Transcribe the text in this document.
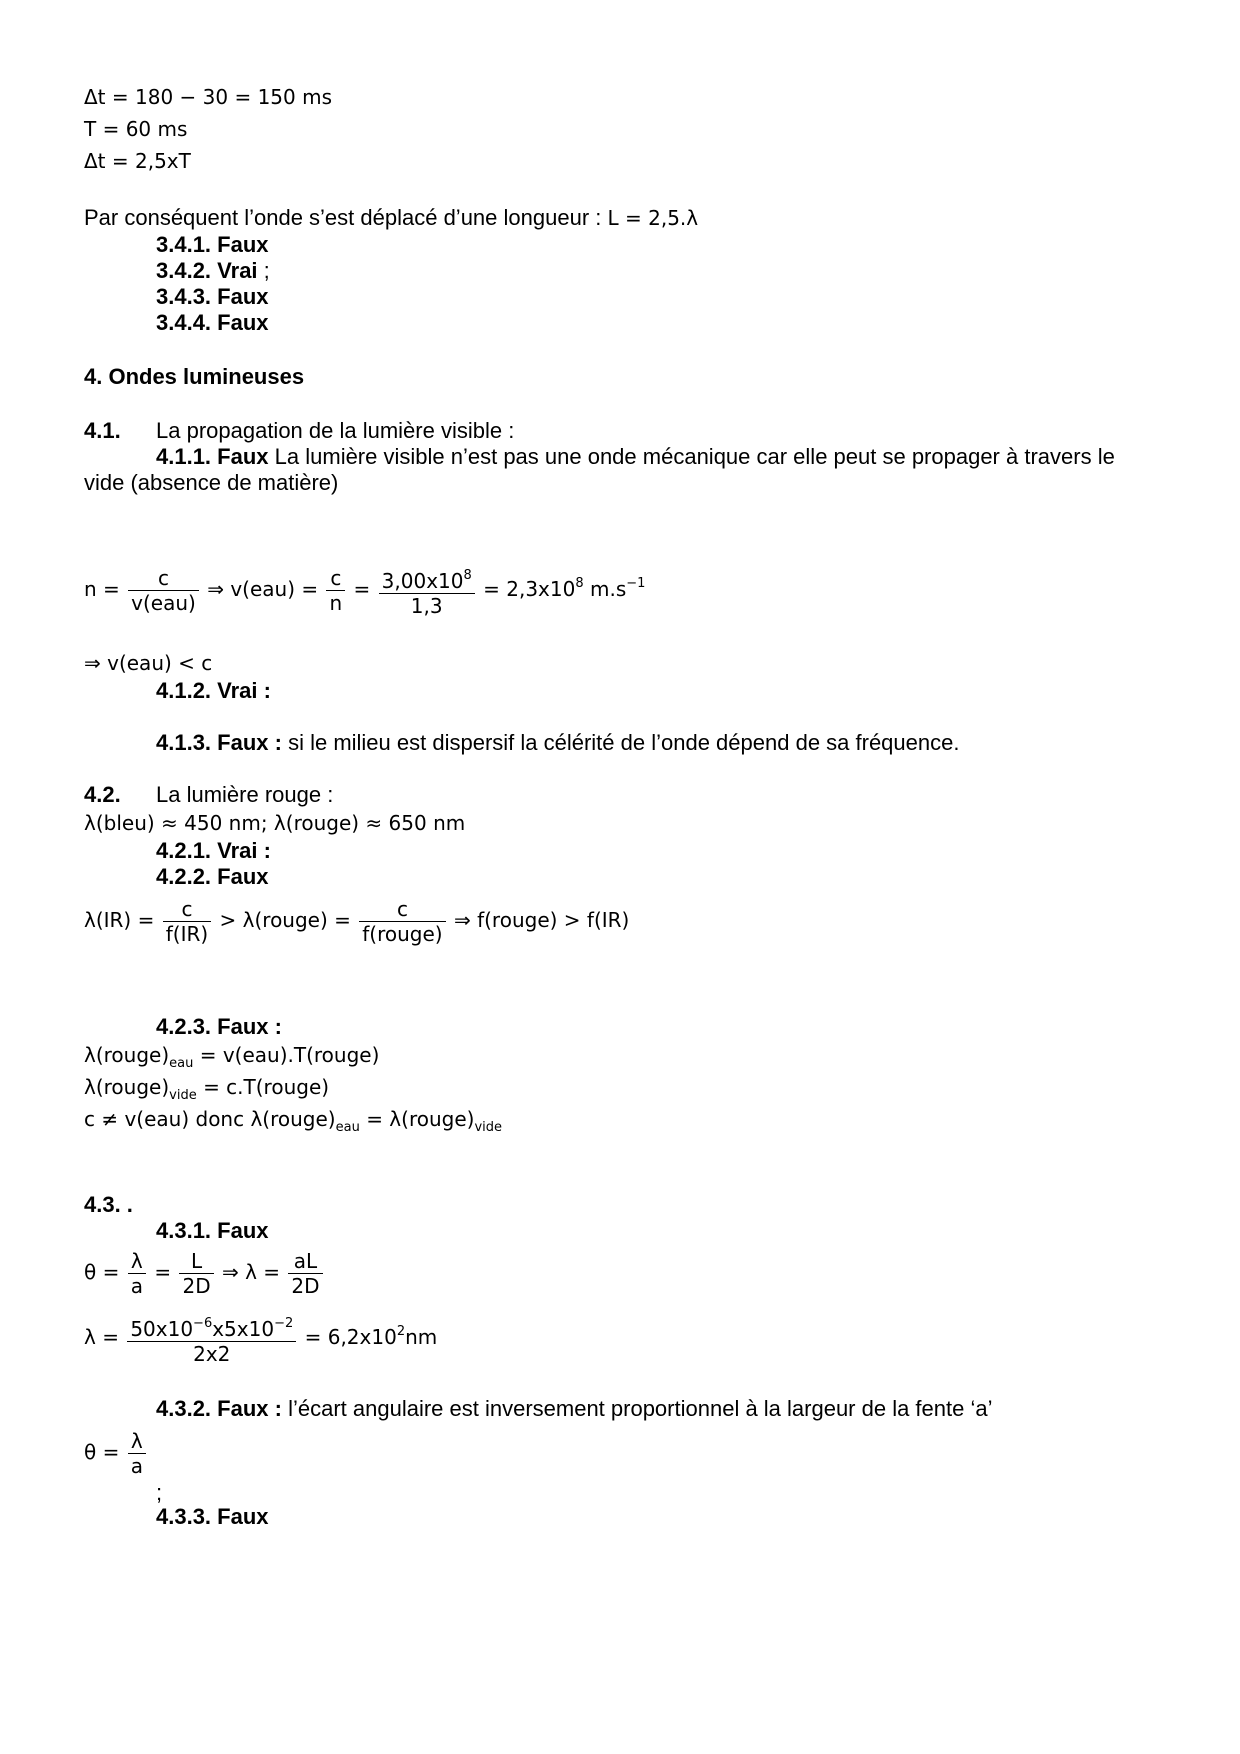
Δt = 180 − 30 = 150 ms
T = 60 ms
Δt = 2,5xT
Par conséquent l’onde s’est déplacé d’une longueur : L = 2,5.λ
3.4.1. Faux
3.4.2. Vrai ;
3.4.3. Faux
3.4.4. Faux
4. Ondes lumineuses
4.1. La propagation de la lumière visible :
4.1.1. Faux La lumière visible n’est pas une onde mécanique car elle peut se propager à travers le
vide (absence de matière)
$n = \frac{c}{\text{v(eau)}}$ ⇒ $v(eau) = \frac{c}{n} = \frac{3,00x10^8}{1,3} = 2,3x10^8$ $m.s^{-1}$
⇒ v(eau) < c
4.1.2. Vrai :
4.1.3. Faux : si le milieu est dispersif la célérité de l’onde dépend de sa fréquence.
4.2. La lumière rouge :
λ(bleu) ≈ 450 nm; λ(rouge) ≈ 650 nm
4.2.1. Vrai :
4.2.2. Faux
$\lambda(IR) = \frac{c}{f(IR)}$ > λ(rouge) = $\frac{c}{\text{f(rouge)}}$ ⇒ f(rouge) > f(IR)
4.2.3. Faux :
$\lambda(rouge)_{eau}$ = v(eau).T(rouge)
$\lambda(rouge)_{vide}$ = c.T(rouge)
c ≠ v(eau) donc $\lambda(rouge)_{eau}$ = $\lambda(rouge)_{vide}$
4.3. .
4.3.1. Faux
$\theta = \frac{\lambda}{a} = \frac{L}{2D}$ ⇒ $\lambda = \frac{aL}{2D}$
$\lambda = \frac{50x10^{-6}x5x10^{-2}}{2x2} = 6,2x10^2nm$
4.3.2. Faux : l’écart angulaire est inversement proportionnel à la largeur de la fente ‘a’
$\theta = \frac{\lambda}{a}$
;
4.3.3. Faux
